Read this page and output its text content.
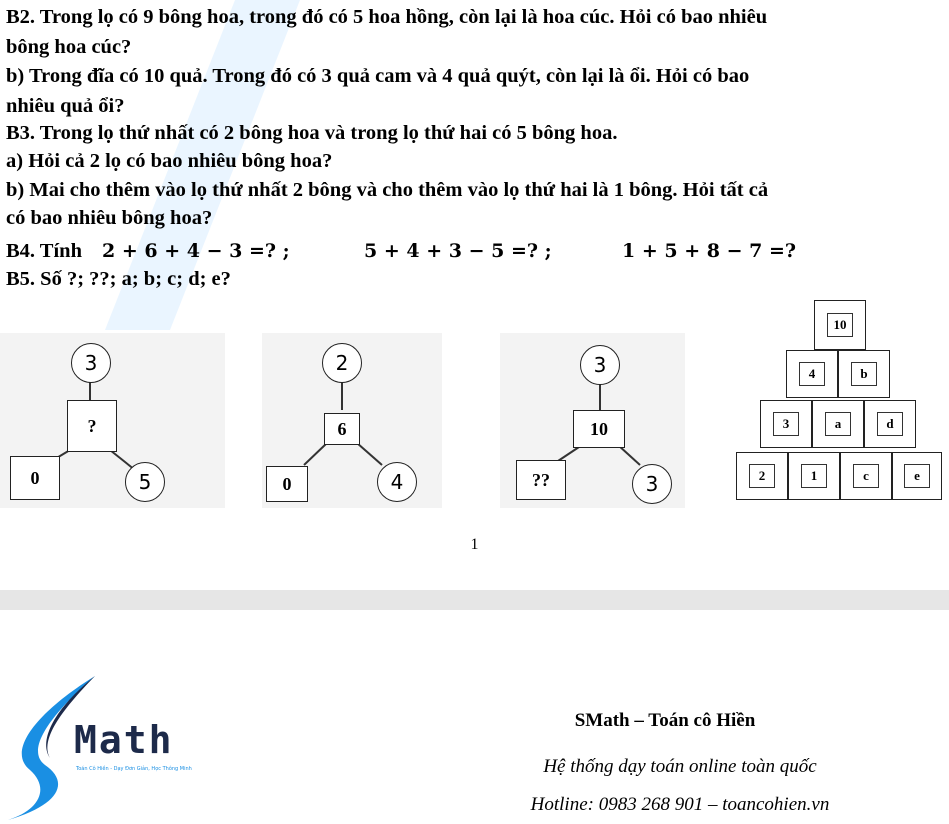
B2. Trong lọ có 9 bông hoa, trong đó có 5 hoa hồng, còn lại là hoa cúc. Hỏi có bao nhiêu
bông hoa cúc?
b) Trong đĩa có 10 quả. Trong đó có 3 quả cam và 4 quả quýt, còn lại là ổi. Hỏi có bao
nhiêu quả ổi?
B3. Trong lọ thứ nhất có 2 bông hoa và trong lọ thứ hai có 5 bông hoa.
a) Hỏi cả 2 lọ có bao nhiêu bông hoa?
b) Mai cho thêm vào lọ thứ nhất 2 bông và cho thêm vào lọ thứ hai là 1 bông. Hỏi tất cả
có bao nhiêu bông hoa?
B4. Tính 2 + 6 + 4 − 3 =? ;	5 + 4 + 3 − 5 =? ;	1 + 5 + 8 − 7 =?
B5. Số ?; ??; a; b; c; d; e?
3
?
0	5
2
6
0	4
3
10
??	3
10
4	b
3	a	d
2	1	c	e
1
Math
Toán Cô Hiền - Dạy Đơn Giản, Học Thông Minh
SMath – Toán cô Hiền
Hệ thống dạy toán online toàn quốc
Hotline: 0983 268 901 – toancohien.vn
